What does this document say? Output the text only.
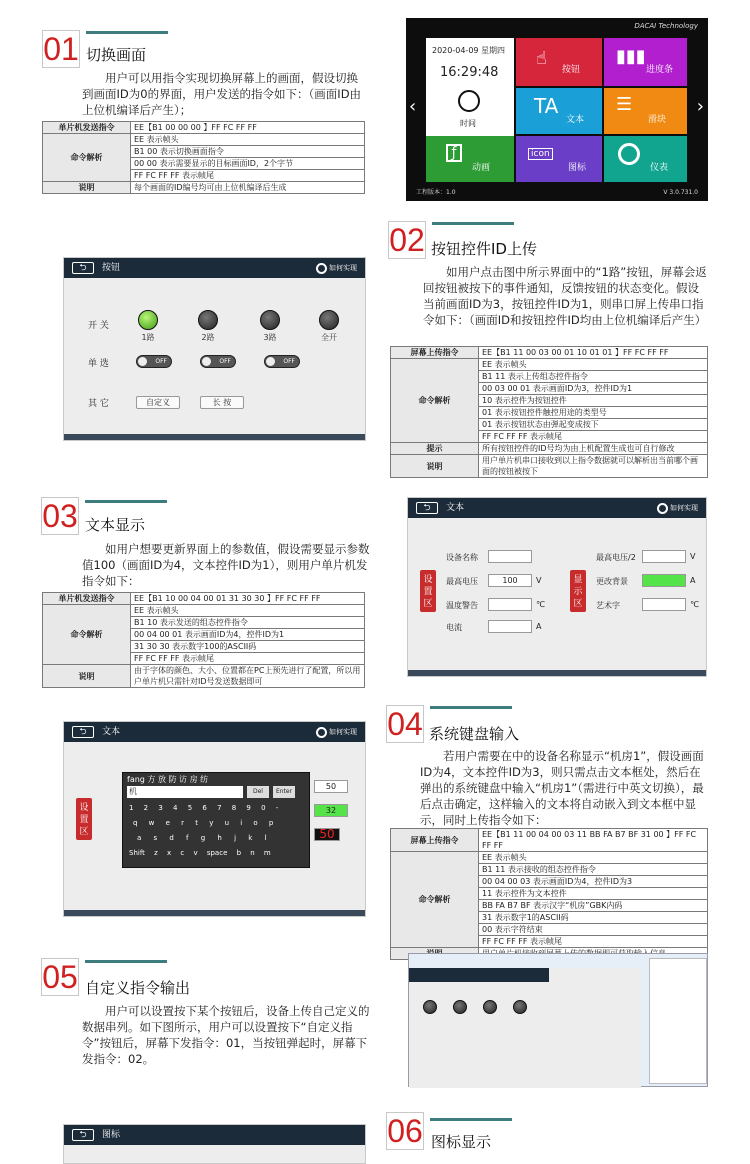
01 切换画面
用户可以用指令实现切换屏幕上的画面，假设切换到画面ID为0的界面，用户发送的指令如下：（画面ID由上位机编译后产生）；
单片机发送指令	EE【B1 00 00 00 】FF FC FF FF
命令解析	EE 表示帧头
	B1 00 表示切换画面指令
	00 00 表示需要显示的目标画面ID，2个字节
	FF FC FF FF 表示帧尾
说明	每个画面的ID编号均可由上位机编译后生成
DACAI Technology
‹	›
2020-04-09 星期四
16:29:48
时间
☝
按钮
▮▮▮
进度条
TA
文本
☰
滑块
ƒ
动画
icon
图标	仪表
工程版本：1.0	V 3.0.731.0
02 按钮控件ID上传
如用户点击图中所示界面中的“1路”按钮，屏幕会返回按钮被按下的事件通知，反馈按钮的状态变化。假设当前画面ID为3，按钮控件ID为1，则串口屏上传串口指令如下：（画面ID和按钮控件ID均由上位机编译后产生）
屏幕上传指令	EE【B1 11 00 03 00 01 10 01 01 】FF FC FF FF
命令解析	EE 表示帧头
	B1 11 表示上传组态控件指令
	00 03 00 01 表示画面ID为3，控件ID为1
	10 表示控件为按钮控件
	01 表示按钮控件触控用途的类型号
	01 表示按钮状态由弹起变成按下
	FF FC FF FF 表示帧尾
提示	所有按钮控件的ID号均为由上机配置生成也可自行修改
说明	用户单片机串口接收到以上指令数据就可以解析出当前哪个画面的按钮被按下
⮌	按钮	如何实现
开 关
1路	2路	3路	全开
单 选	OFF	OFF	OFF
其 它	自定义	长 按
03 文本显示
如用户想要更新界面上的参数值，假设需要显示参数值100（画面ID为4，文本控件ID为1），则用户单片机发指令如下：
单片机发送指令	EE【B1 10 00 04 00 01 31 30 30 】FF FC FF FF
命令解析	EE 表示帧头
	B1 10 表示发送的组态控件指令
	00 04 00 01 表示画面ID为4，控件ID为1
	31 30 30 表示数字100的ASCII码
	FF FC FF FF 表示帧尾
说明	由于字体的颜色、大小、位置都在PC上预先进行了配置，所以用户单片机只需针对ID号发送数据即可
⮌	文本	如何实现
设置区
显示区
设备名称
最高电压	100	V
温度警告	℃
电流	A
最高电压/2	V
更改背景	A
艺术字	℃
⮌	文本	如何实现
设置区
50
32
50
fang 方 放 防 访 房 纺
机	Del	Enter
1 2 3 4 5 6 7 8 9 0 -
q w e r t y u i o p
a s d f g h j k l
Shift z x c v space b n m
04 系统键盘输入
若用户需要在中的设备名称显示“机房1”，假设画面ID为4，文本控件ID为3，则只需点击文本框处，然后在弹出的系统键盘中输入“机房1”（需进行中英文切换），最后点击确定，这样输入的文本将自动嵌入到文本框中显示，同时上传指令如下：
屏幕上传指令	EE【B1 11 00 04 00 03 11 BB FA B7 BF 31 00 】FF FC FF FF
命令解析	EE 表示帧头
	B1 11 表示接收的组态控件指令
	00 04 00 03 表示画面ID为4，控件ID为3
	11 表示控件为文本控件
	BB FA B7 BF 表示汉字“机房”GBK内码
	31 表示数字1的ASCII码
	00 表示字符结束
	FF FC FF FF 表示帧尾

05 自定义指令输出
用户可以设置按下某个按钮后，设备上传自己定义的数据串列。如下图所示，用户可以设置按下“自定义指令”按钮后，屏幕下发指令：01，当按钮弹起时，屏幕下发指令：02。
⮌	图标	06 图标显示
